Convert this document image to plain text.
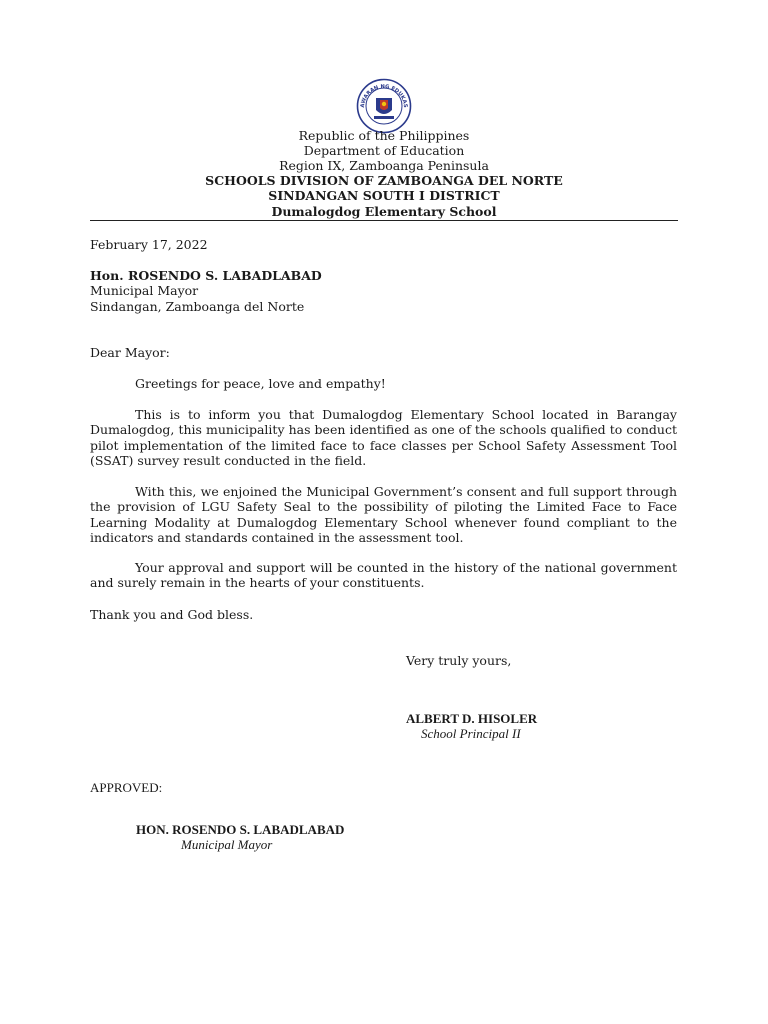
AWARAN NG EDUKAS
Republic of the Philippines
Department of Education
Region IX, Zamboanga Peninsula
SCHOOLS DIVISION OF ZAMBOANGA DEL NORTE
SINDANGAN SOUTH I DISTRICT
Dumalogdog Elementary School
February 17, 2022
Hon. ROSENDO S. LABADLABAD
Municipal Mayor
Sindangan, Zamboanga del Norte
Dear Mayor:
Greetings for peace, love and empathy!
This is to inform you that Dumalogdog Elementary School located in Barangay Dumalogdog, this municipality has been identified as one of the schools qualified to conduct pilot implementation of the limited face to face classes per School Safety Assessment Tool (SSAT) survey result conducted in the field.
With this, we enjoined the Municipal Government’s consent and full support through the provision of LGU Safety Seal to the possibility of piloting the Limited Face to Face Learning Modality at Dumalogdog Elementary School whenever found compliant to the indicators and standards contained in the assessment tool.
Your approval and support will be counted in the history of the national government and surely remain in the hearts of your constituents.
Thank you and God bless.
Very truly yours,
ALBERT D. HISOLER
School Principal II
APPROVED:
HON. ROSENDO S. LABADLABAD
Municipal Mayor
